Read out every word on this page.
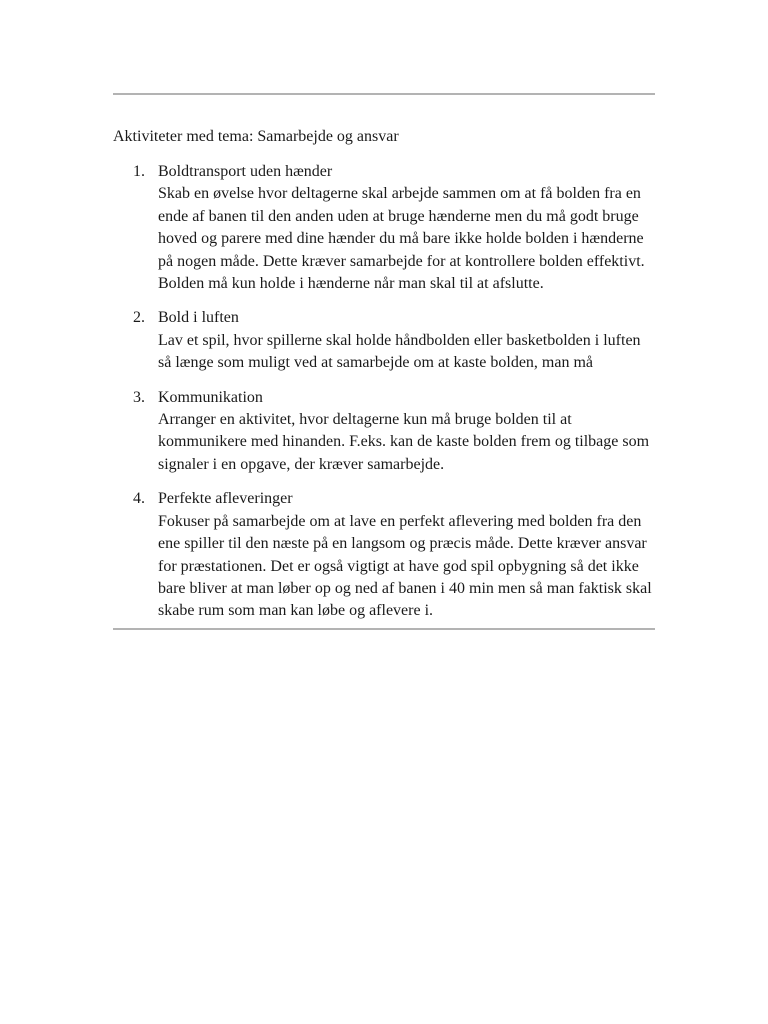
Aktiviteter med tema: Samarbejde og ansvar
1. Boldtransport uden hænder
Skab en øvelse hvor deltagerne skal arbejde sammen om at få bolden fra en ende af banen til den anden uden at bruge hænderne men du må godt bruge hoved og parere med dine hænder du må bare ikke holde bolden i hænderne på nogen måde. Dette kræver samarbejde for at kontrollere bolden effektivt. Bolden må kun holde i hænderne når man skal til at afslutte.
2. Bold i luften
Lav et spil, hvor spillerne skal holde håndbolden eller basketbolden i luften så længe som muligt ved at samarbejde om at kaste bolden, man må
3. Kommunikation
Arranger en aktivitet, hvor deltagerne kun må bruge bolden til at kommunikere med hinanden. F.eks. kan de kaste bolden frem og tilbage som signaler i en opgave, der kræver samarbejde.
4. Perfekte afleveringer
Fokuser på samarbejde om at lave en perfekt aflevering med bolden fra den ene spiller til den næste på en langsom og præcis måde. Dette kræver ansvar for præstationen. Det er også vigtigt at have god spil opbygning så det ikke bare bliver at man løber op og ned af banen i 40 min men så man faktisk skal skabe rum som man kan løbe og aflevere i.
